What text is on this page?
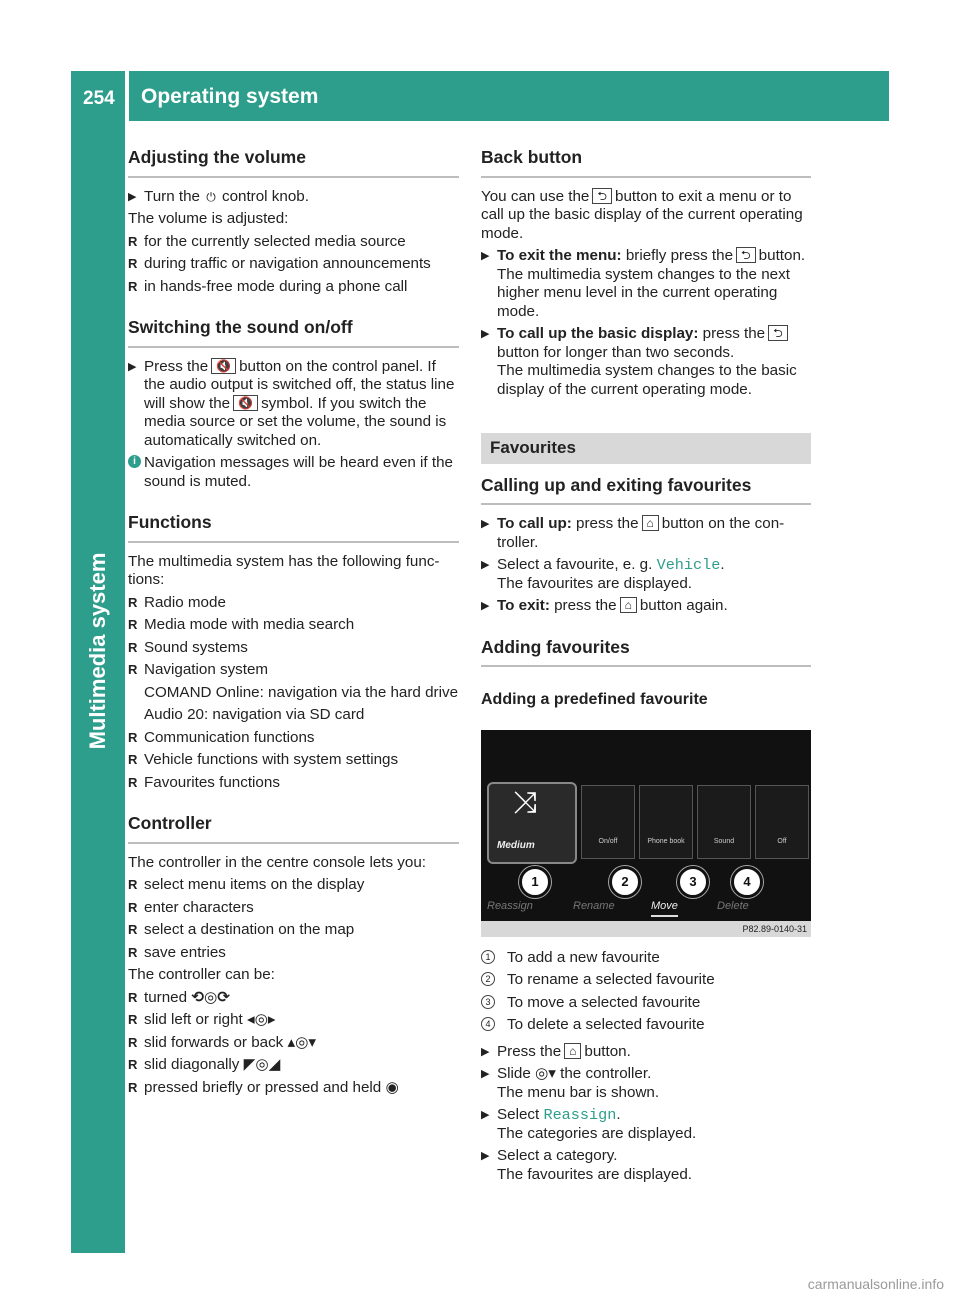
254 Operating system
Multimedia system
Adjusting the volume
▶ Turn the ⏻ control knob.

The volume is adjusted:

R for the currently selected media source
R during traffic or navigation announcements
R in hands-free mode during a phone call
Switching the sound on/off
▶ Press the 🔇 button on the control panel. If the audio output is switched off, the status line will show the 🔇 symbol. If you switch the media source or set the volume, the sound is automatically switched on.
i Navigation messages will be heard even if the sound is muted.
Functions

The multimedia system has the following func-tions:

R Radio mode
R Media mode with media search
R Sound systems
R Navigation system

COMAND Online: navigation via the hard drive

Audio 20: navigation via SD card

R Communication functions
R Vehicle functions with system settings
R Favourites functions
Controller

The controller in the centre console lets you:

R select menu items on the display
R enter characters
R select a destination on the map
R save entries

The controller can be:

R turned ⟲◎⟳
R slid left or right ◂◎▸
R slid forwards or back ▴◎▾
R slid diagonally ◤◎◢
R pressed briefly or pressed and held ◉
Back button

You can use the ⮌ button to exit a menu or to call up the basic display of the current operating mode.

▶ To exit the menu: briefly press the ⮌ button.
The multimedia system changes to the next higher menu level in the current operating mode.
▶ To call up the basic display: press the ⮌button for longer than two seconds.
The multimedia system changes to the basic display of the current operating mode.
Favourites
Calling up and exiting favourites
▶ To call up: press the ⌂ button on the con-troller.
▶ Select a favourite, e. g. Vehicle.
The favourites are displayed.
▶ To exit: press the ⌂ button again.
Adding favourites
Adding a predefined favourite
⤨
Medium	On/off	Phone book	Sound	Off
1	2	3	4
Reassign	Rename	Move	Delete
P82.89-0140-31
1 To add a new favourite
2 To rename a selected favourite
3 To move a selected favourite
4 To delete a selected favourite
▶ Press the ⌂ button.
▶ Slide ◎▾ the controller.
The menu bar is shown.
▶ Select Reassign.
The categories are displayed.
▶ Select a category.
The favourites are displayed.
carmanualsonline.info
